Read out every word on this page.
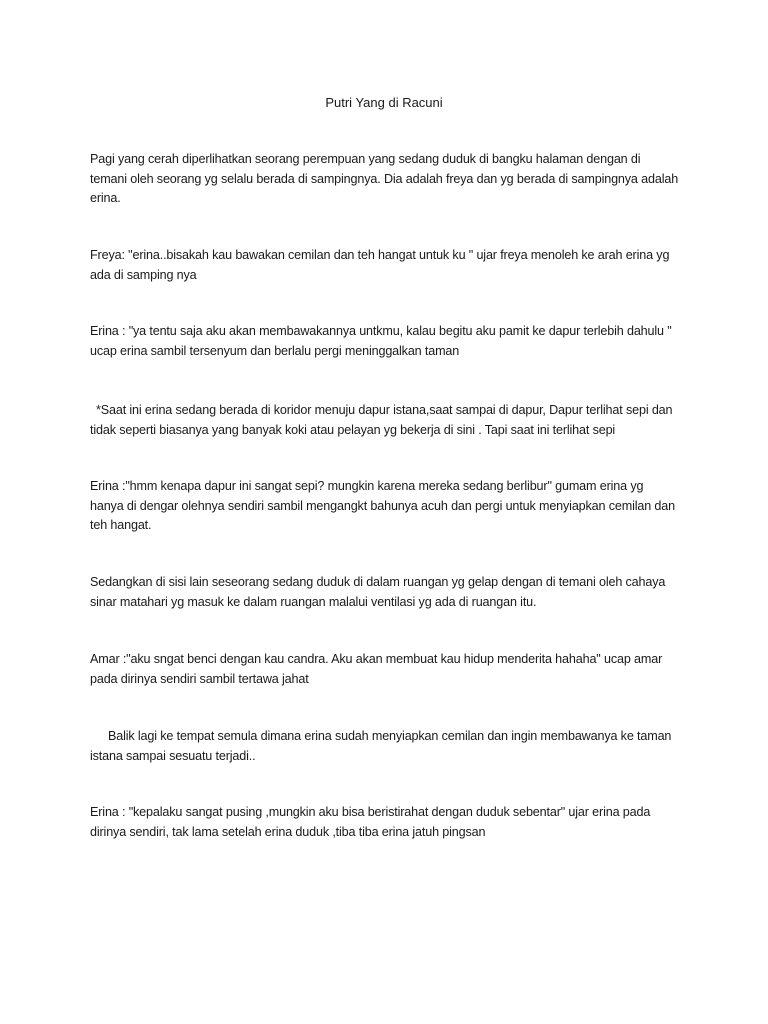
Putri Yang di Racuni

Pagi yang cerah diperlihatkan seorang perempuan yang sedang duduk di bangku halaman dengan di temani oleh seorang yg selalu berada di sampingnya. Dia adalah freya dan yg berada di sampingnya adalah erina.

Freya: "erina..bisakah kau bawakan cemilan dan teh hangat untuk ku " ujar freya menoleh ke arah erina yg ada di samping nya

Erina : "ya tentu saja aku akan membawakannya untkmu, kalau begitu aku pamit ke dapur terlebih dahulu " ucap erina sambil tersenyum dan berlalu pergi meninggalkan taman

*Saat ini erina sedang berada di koridor menuju dapur istana,saat sampai di dapur, Dapur terlihat sepi dan tidak seperti biasanya yang banyak koki atau pelayan yg bekerja di sini . Tapi saat ini terlihat sepi

Erina :"hmm kenapa dapur ini sangat sepi? mungkin karena mereka sedang berlibur" gumam erina yg hanya di dengar olehnya sendiri sambil mengangkt bahunya acuh dan pergi untuk menyiapkan cemilan dan teh hangat.

Sedangkan di sisi lain seseorang sedang duduk di dalam ruangan yg gelap dengan di temani oleh cahaya sinar matahari yg masuk ke dalam ruangan malalui ventilasi yg ada di ruangan itu.

Amar :"aku sngat benci dengan kau candra. Aku akan membuat kau hidup menderita hahaha" ucap amar pada dirinya sendiri sambil tertawa jahat

Balik lagi ke tempat semula dimana erina sudah menyiapkan cemilan dan ingin membawanya ke taman istana sampai sesuatu terjadi..

Erina : "kepalaku sangat pusing ,mungkin aku bisa beristirahat dengan duduk sebentar" ujar erina pada dirinya sendiri, tak lama setelah erina duduk ,tiba tiba erina jatuh pingsan
